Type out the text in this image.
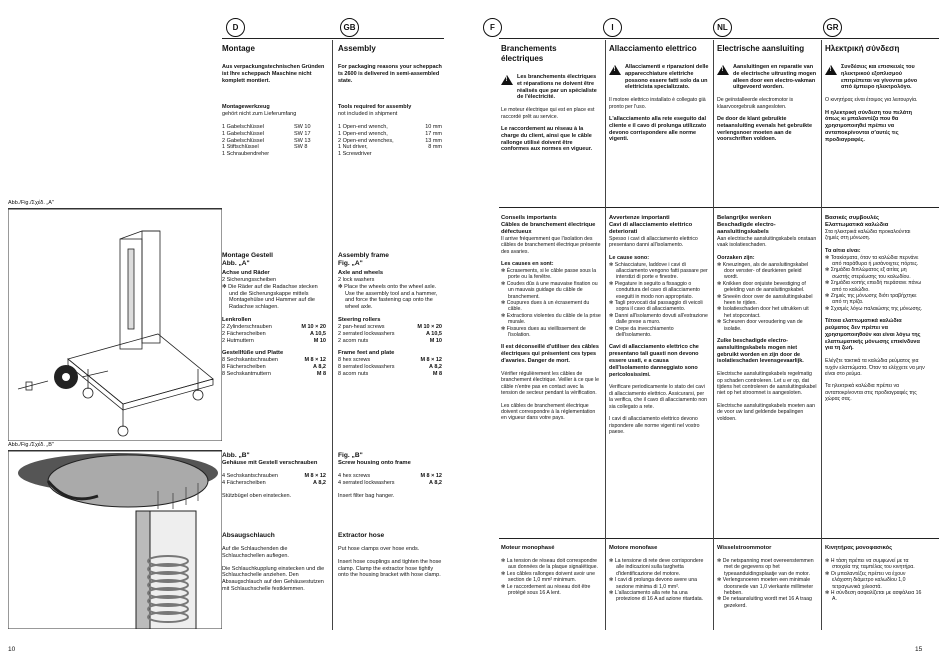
D	GB
Abb./Fig./Σχέδ. „A"
Abb./Fig./Σχέδ. „B"
Montage
Aus verpackungstechnischen Gründen ist Ihre scheppach Maschine nicht komplett montiert.
Montagewerkzeug
gehört nicht zum Lieferumfang
1 Gabelschlüssel	SW 10
1 Gabelschlüssel	SW 17
2 Gabelschlüssel	SW 13
1 Stiftschlüssel	SW 8
1 Schraubendreher
Montage Gestell
Abb. „A"
Achse und Räder
2 Sicherungsscheiben
✻ Die Räder auf die Radachse stecken und die Sicherungskappe mittels Montagehülse und Hammer auf die Radachse schlagen.
Lenkrollen
2 Zylinderschrauben	M 10 × 20
2 Fächerscheiben	A 10,5
2 Hutmuttern	M 10
Gestellfüße und Platte
8 Sechskantschrauben	M 8 × 12
8 Fächerscheiben	A 8,2
8 Sechskantmuttern	M 8
Abb. „B"
Gehäuse mit Gestell verschrauben
4 Sechskantschrauben	M 8 × 12
4 Fächerscheiben	A 8,2
Stützbügel oben einstecken.
Absaugschlauch
Auf die Schlauchenden die Schlauchschellen aufiegen.
Die Schlauchkupplung einstecken und die Schlauchschelle anziehen. Den Absaugschlauch auf den Gehäusestutzen mit Schlauchschelle festklemmen.
Assembly
For packaging reasons your scheppach ts 2600 is delivered in semi-assembled state.
Tools required for assembly
not included in shipment
1 Open-end wrench,	10 mm
1 Open-end wrench,	17 mm
2 Open-end wrenches,	13 mm
1 Nut driver,	8 mm
1 Screwdriver
Assembly frame
Fig. „A"
Axle and wheels
2 lock washers
✻ Place the wheels onto the wheel axle. Use the assembly tool and a hammer, and force the fastening cap onto the wheel axle.
Steering rollers
2 pan-head screws	M 10 × 20
2 serrated lockwashers	A 10,5
2 acorn nuts	M 10
Frame feet and plate
8 hex screws	M 8 × 12
8 serrated lockwashers	A 8,2
8 acorn nuts	M 8
Fig. „B"
Screw housing onto frame
4 hex screws	M 8 × 12
4 serrated lockwashers	A 8,2
Insert filter bag hanger.
Extractor hose
Put hose clamps over hose ends.
Insert hose couplings and tighten the hose clamp. Clamp the extractor hose tightly onto the housing bracket with hose clamp.
10
F	I	NL	GR
Branchements électriques
!
Les branchements électriques et réparations ne doivent être réalisés que par un spécialiste de l'électricité.
Le moteur électrique qui est en place est raccordé prêt au service.
Le raccordement au réseau à la charge du client, ainsi que le câble rallonge utilisé doivent être conformes aux normes en vigueur.
Conseils importants
Câbles de branchement électrique défectueux
Il arrive fréquemment que l'isolation des câbles de branchement électrique présente des avaries.
Les causes en sont:
✻ Écrasements, si le câble passe sous la porte ou la fenêtre.
✻ Coudes dûs à une mauvaise fixation ou un mauvais guidage du câble de branchement.
✻ Coupures dues à un écrasement du câble.
✻ Extractions violentes du câble de la prise murale.
✻ Fissures dues au vieillissement de l'isolation.
Il est déconseillé d'utiliser des câbles électriques qui présentent ces types d'avaries. Danger de mort.
Vérifier régulièrement les câbles de branchement électrique. Veiller à ce que le câble n'entre pas en contact avec la tension de secteur pendant la vérification.
Les câbles de branchement électrique doivent correspondre à la réglementation en vigueur dans votre pays.
Moteur monophasé
✻ La tension de réseau doit correspondre aux données de la plaque signalétique.
✻ Les câbles rallonges doivent avoir une section de 1,0 mm² minimum.
✻ Le raccordement au réseau doit être protégé sous 16 A lent.
Allacciamento elettrico
!
Allacciamenti e riparazioni delle apparecchiature elettriche possono essere fatti solo da un elettricista specializzato.
Il motore elettrico installato è collegato già pronto per l'uso.
L'allacciamento alla rete eseguito dal cliente e il cavo di prolunga utilizzato devono corrispondere alle norme vigenti.
Avvertenze importanti
Cavi di allacciamento elettrico deteriorati
Spesso i cavi di allacciamento elettrico presentano danni all'isolamento.
Le cause sono:
✻ Schiacciature, laddove i cavi di allacciamento vengono fatti passare per interstizi di porte e finestre.
✻ Piegature in seguito a fissaggio o conduttura del cavo di allacciamento eseguiti in modo non appropriato.
✻ Tagli provocati dal passaggio di veicoli sopra il cavo di allacciamento.
✻ Danni all'isolamento dovuti all'estrazione dalle prese a muro.
✻ Crepe da invecchiamento dell'isolamento.
Cavi di allacciamento elettrico che presentano tali guasti non devono essere usati, e a causa dell'isolamento danneggiato sono pericolosissimi.
Verificare periodicamente lo stato dei cavi di allacciamento elettrico. Assicurarsi, per la verifica, che il cavo di allacciamento non sia collegato a rete.
I cavi di allacciamento elettrico devono rispondere alle norme vigenti nel vostro paese.
Motore monofase
✻ La tensione di rete deve corrispondere alle indicazioni sulla targhetta d'identificazione del motore.
✻ I cavi di prolunga devono avere una sezione minima di 1,0 mm².
✻ L'allacciamento alla rete ha una protezione di 16 A ad azione ritardata.
Electrische aansluiting
!
Aansluitingen en reparatie van de electrische uitrusting mogen alleen door een electro-vakman uitgevoerd worden.
De geïnstalleerde electromotor is klaarvoorgebruik aangesloten.
De door de klant gebruikte netaansluiting evenals het gebruikte verlengsnoer moeten aan de voorschriften voldoen.
Belangrijke wenken
Beschadigde electro-aansluitingskabels
Aan electrische aansluitingskabels onstaan vaak isolatieschaden.
Oorzaken zijn:
✻ Kneuzingen, als de aansluitingskabel door venster- of deurkieren geleid wordt.
✻ Knikken door onjuiste bevestiging of geleiding van de aansluitingskabel.
✻ Sneeën door over de aansluitingskabel heen te rijden.
✻ Isolatieschaden door het uitrukken uit het stopcontact.
✻ Scheuren door veroudering van de isolatie.
Zulke beschadigde electro-aansluitingskabels mogen niet gebruikt worden en zijn door de isolatieschaden levensgevaarlijk.
Electrische aansluitingskabels regelmatig op schaden controleren. Let u er op, dat tijdens het controleren de aansluitingskabel niet op het stroomnet is aangesloten.
Electrische aansluitingskabels moeten aan de voor uw land geldende bepalingen voldoen.
Wisselstroommotor
✻ De netspanning moet overeenstemmen met de gegevens op het typeaanduidingsplaatje van de motor.
✻ Verlengsnoeren moeten een minimale doorsnede van 1,0 vierkante millimeter hebben.
✻ De netaansluiting wordt met 16 A traag gezekerd.
Ηλεκτρική σύνδεση
!
Συνδέσεις και επισκευές του ηλεκτρικού εξοπλισμού επιτρέπεται να γίνονται μόνο από έμπειρο ηλεκτρολόγο.
Ο κινητήρας είναι έτοιμος για λειτουργία.
Η ηλεκτρική σύνδεση του πελάτη όπως κι μπαλαντέζα που θα χρησιμοποιηθεί πρέπει να ανταποκρίνονται σ'αυτές τις προδιαγραφές.
Βασικές συμβουλές
Ελαττωματικά καλώδια
Στα ηλεκτρικά καλώδια προκαλούνται ζημιές στη μόνωση.
Τα αίτια είναι:
✻ Τσακίσματα, όταν τα καλώδια περνάνε από παράθυρα ή μισάνοιχτες πόρτες.
✻ Σημάδια διπλώματος εξ αιτίας μη σωστής στερέωσης του καλωδίου.
✻ Σημάδια κοπής επειδή περάσανε πάνω από το καλώδιο.
✻ Ζημιές της μόνωσης διότι τραβήχτηκε από τη πρίζα.
✻ Σχισμές λόγω παλαιώσης της μόνωσης.
Τέτοια ελαττωματικά καλώδια ρεύματος δεν πρέπει να χρησιμοποιηθούν και είναι λόγω της ελαττωματικής μόνωσης επικίνδυνα για τη ζωή.
Ελέγξτε τακτικά τα καλώδια ρεύματος για τυχόν ελαττώματα. Όταν τα ελέγχετε να μην είναι στο ρεύμα.
Τα ηλεκτρικά καλώδια πρέπει να ανταποκρίνονται στις προδιαγραφές της χώρας σας.
Κινητήρας μονοφασικός
✻ Η τάση πρέπει να συμφωνεί με τα στοιχεία της ταμπέλας του κινητήρα.
✻ Οι μπαλαντέζες πρέπει να έχουν ελάχιστη διάμετρο καλωδίου 1,0 τετραγωνικά χιλιοστά.
✻ Η σύνδεση ασφαλίζεται με ασφάλεια 16 A.
15
